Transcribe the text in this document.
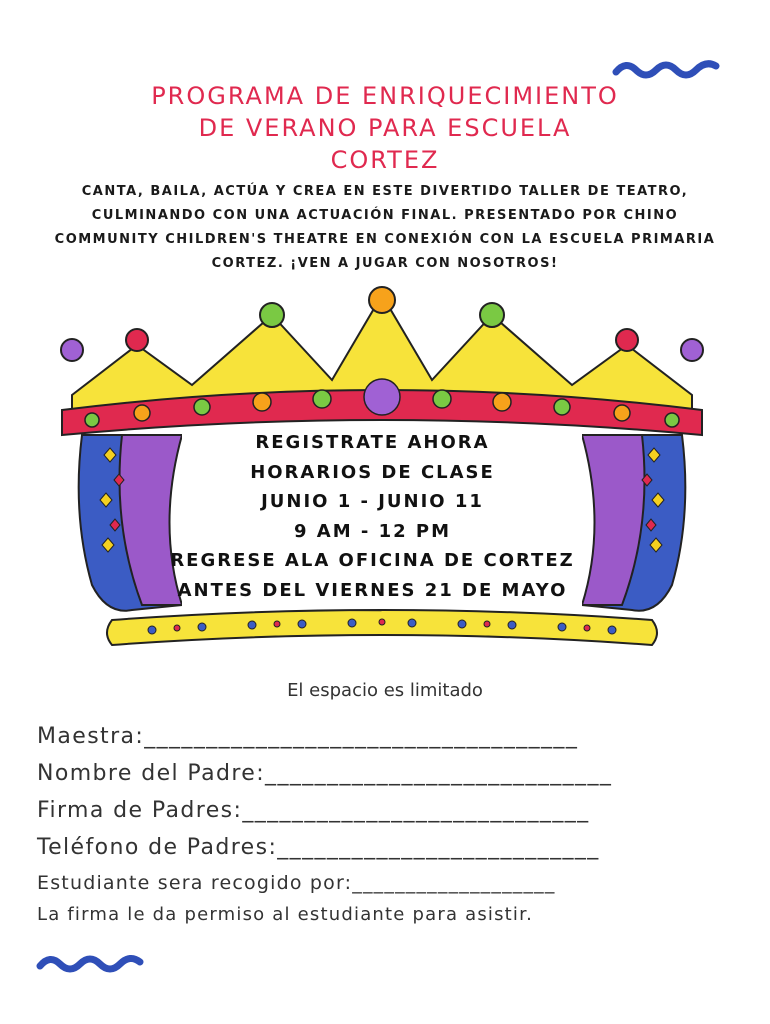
PROGRAMA DE ENRIQUECIMIENTO
DE VERANO PARA ESCUELA
CORTEZ
CANTA, BAILA, ACTÚA Y CREA EN ESTE DIVERTIDO TALLER DE TEATRO,
CULMINANDO CON UNA ACTUACIÓN FINAL. PRESENTADO POR CHINO
COMMUNITY CHILDREN'S THEATRE EN CONEXIÓN CON LA ESCUELA PRIMARIA
CORTEZ. ¡VEN A JUGAR CON NOSOTROS!
REGISTRATE AHORA
HORARIOS DE CLASE
JUNIO 1 - JUNIO 11
9 AM - 12 PM
REGRESE ALA OFICINA DE CORTEZ
ANTES DEL VIERNES 21 DE MAYO
El espacio es limitado
Maestra:___________________________________
Nombre del Padre:____________________________
Firma de Padres:____________________________
Teléfono de Padres:__________________________
Estudiante sera recogido por:___________________
La firma le da permiso al estudiante para asistir.
